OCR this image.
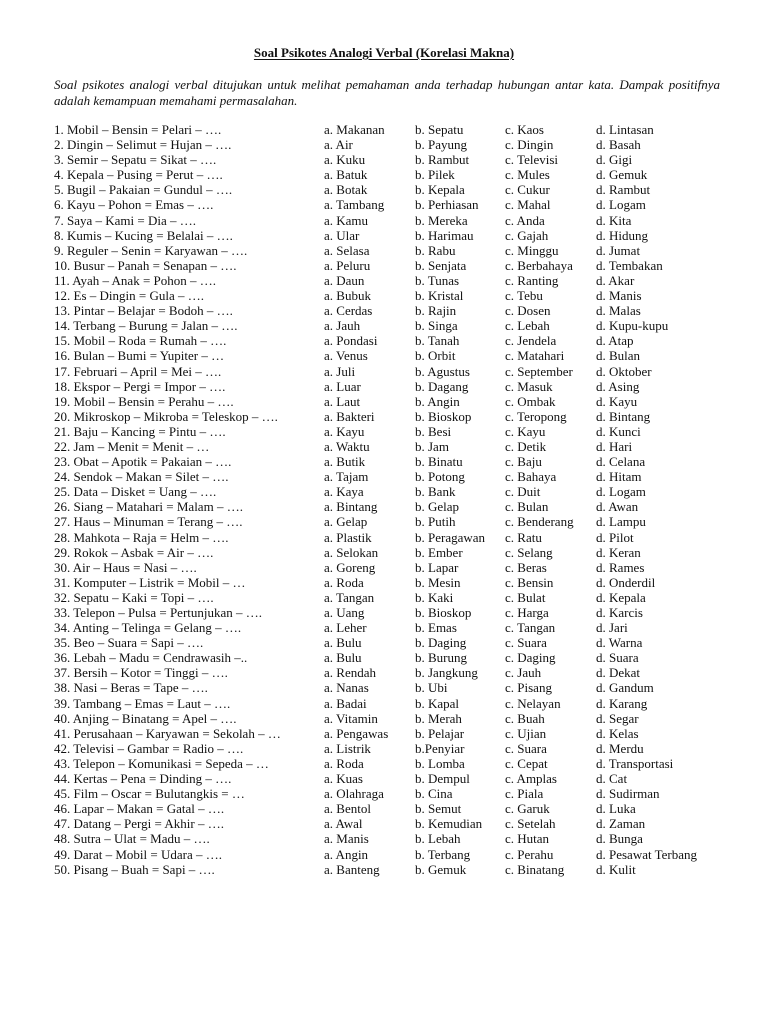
Soal Psikotes Analogi Verbal (Korelasi Makna)
Soal psikotes analogi verbal ditujukan untuk melihat pemahaman anda terhadap hubungan antar kata. Dampak positifnya adalah kemampuan memahami permasalahan.
1. Mobil – Bensin = Pelari – ….	a. Makanan b. Sepatu	c. Kaos	d. Lintasan
2. Dingin – Selimut = Hujan – ….	a. Air	b. Payung	c. Dingin	d. Basah
3. Semir – Sepatu = Sikat – ….	a. Kuku	b. Rambut	c. Televisi	d. Gigi
4. Kepala – Pusing = Perut – ….	a. Batuk	b. Pilek	c. Mules	d. Gemuk
5. Bugil – Pakaian = Gundul – ….	a. Botak	b. Kepala	c. Cukur	d. Rambut
6. Kayu – Pohon = Emas – ….	a. Tambang b. Perhiasan c. Mahal	d. Logam
7. Saya – Kami = Dia – ….	a. Kamu	b. Mereka	c. Anda	d. Kita
8. Kumis – Kucing = Belalai – ….	a. Ular	b. Harimau c. Gajah	d. Hidung
9. Reguler – Senin = Karyawan – ….	a. Selasa	b. Rabu	c. Minggu	d. Jumat
10. Busur – Panah = Senapan – ….	a. Peluru	b. Senjata	c. Berbahaya d. Tembakan
11. Ayah – Anak = Pohon – ….	a. Daun	b. Tunas	c. Ranting	d. Akar
12. Es – Dingin = Gula – ….	a. Bubuk	b. Kristal	c. Tebu	d. Manis
13. Pintar – Belajar = Bodoh – ….	a. Cerdas	b. Rajin	c. Dosen	d. Malas
14. Terbang – Burung = Jalan – ….	a. Jauh	b. Singa	c. Lebah	d. Kupu-kupu
15. Mobil – Roda = Rumah – ….	a. Pondasi	b. Tanah	c. Jendela	d. Atap
16. Bulan – Bumi = Yupiter – …	a. Venus	b. Orbit	c. Matahari d. Bulan
17. Februari – April = Mei – ….	a. Juli	b. Agustus	c. September d. Oktober
18. Ekspor – Pergi = Impor – ….	a. Luar	b. Dagang	c. Masuk	d. Asing
19. Mobil – Bensin = Perahu – ….	a. Laut	b. Angin	c. Ombak	d. Kayu
20. Mikroskop – Mikroba = Teleskop – ….	a. Bakteri	b. Bioskop	c. Teropong d. Bintang
21. Baju – Kancing = Pintu – ….	a. Kayu	b. Besi	c. Kayu	d. Kunci
22. Jam – Menit = Menit – …	a. Waktu	b. Jam	c. Detik	d. Hari
23. Obat – Apotik = Pakaian – ….	a. Butik	b. Binatu	c. Baju	d. Celana
24. Sendok – Makan = Silet – ….	a. Tajam	b. Potong	c. Bahaya	d. Hitam
25. Data – Disket = Uang – ….	a. Kaya	b. Bank	c. Duit	d. Logam
26. Siang – Matahari = Malam – ….	a. Bintang	b. Gelap	c. Bulan	d. Awan
27. Haus – Minuman = Terang – ….	a. Gelap	b. Putih	c. Benderang d. Lampu
28. Mahkota – Raja = Helm – ….	a. Plastik	b. Peragawan c. Ratu	d. Pilot
29. Rokok – Asbak = Air – ….	a. Selokan	b. Ember	c. Selang	d. Keran
30. Air – Haus = Nasi – ….	a. Goreng	b. Lapar	c. Beras	d. Rames
31. Komputer – Listrik = Mobil – …	a. Roda	b. Mesin	c. Bensin	d. Onderdil
32. Sepatu – Kaki = Topi – ….	a. Tangan	b. Kaki	c. Bulat	d. Kepala
33. Telepon – Pulsa = Pertunjukan – ….	a. Uang	b. Bioskop	c. Harga	d. Karcis
34. Anting – Telinga = Gelang – ….	a. Leher	b. Emas	c. Tangan	d. Jari
35. Beo – Suara = Sapi – ….	a. Bulu	b. Daging	c. Suara	d. Warna
36. Lebah – Madu = Cendrawasih –..	a. Bulu	b. Burung	c. Daging	d. Suara
37. Bersih – Kotor = Tinggi – ….	a. Rendah	b. Jangkung c. Jauh	d. Dekat
38. Nasi – Beras = Tape – ….	a. Nanas	b. Ubi	c. Pisang	d. Gandum
39. Tambang – Emas = Laut – ….	a. Badai	b. Kapal	c. Nelayan	d. Karang
40. Anjing – Binatang = Apel – ….	a. Vitamin	b. Merah	c. Buah	d. Segar
41. Perusahaan – Karyawan = Sekolah – …	a. Pengawas b. Pelajar	c. Ujian	d. Kelas
42. Televisi – Gambar = Radio – ….	a. Listrik	b.Penyiar	c. Suara	d. Merdu
43. Telepon – Komunikasi = Sepeda – …	a. Roda	b. Lomba	c. Cepat	d. Transportasi
44. Kertas – Pena = Dinding – ….	a. Kuas	b. Dempul	c. Amplas	d. Cat
45. Film – Oscar = Bulutangkis = …	a. Olahraga b. Cina	c. Piala	d. Sudirman
46. Lapar – Makan = Gatal – ….	a. Bentol	b. Semut	c. Garuk	d. Luka
47. Datang – Pergi = Akhir – ….	a. Awal	b. Kemudian c. Setelah	d. Zaman
48. Sutra – Ulat = Madu – ….	a. Manis	b. Lebah	c. Hutan	d. Bunga
49. Darat – Mobil = Udara – ….	a. Angin	b. Terbang	c. Perahu	d. Pesawat Terbang
50. Pisang – Buah = Sapi – ….	a. Banteng	b. Gemuk	c. Binatang d. Kulit
